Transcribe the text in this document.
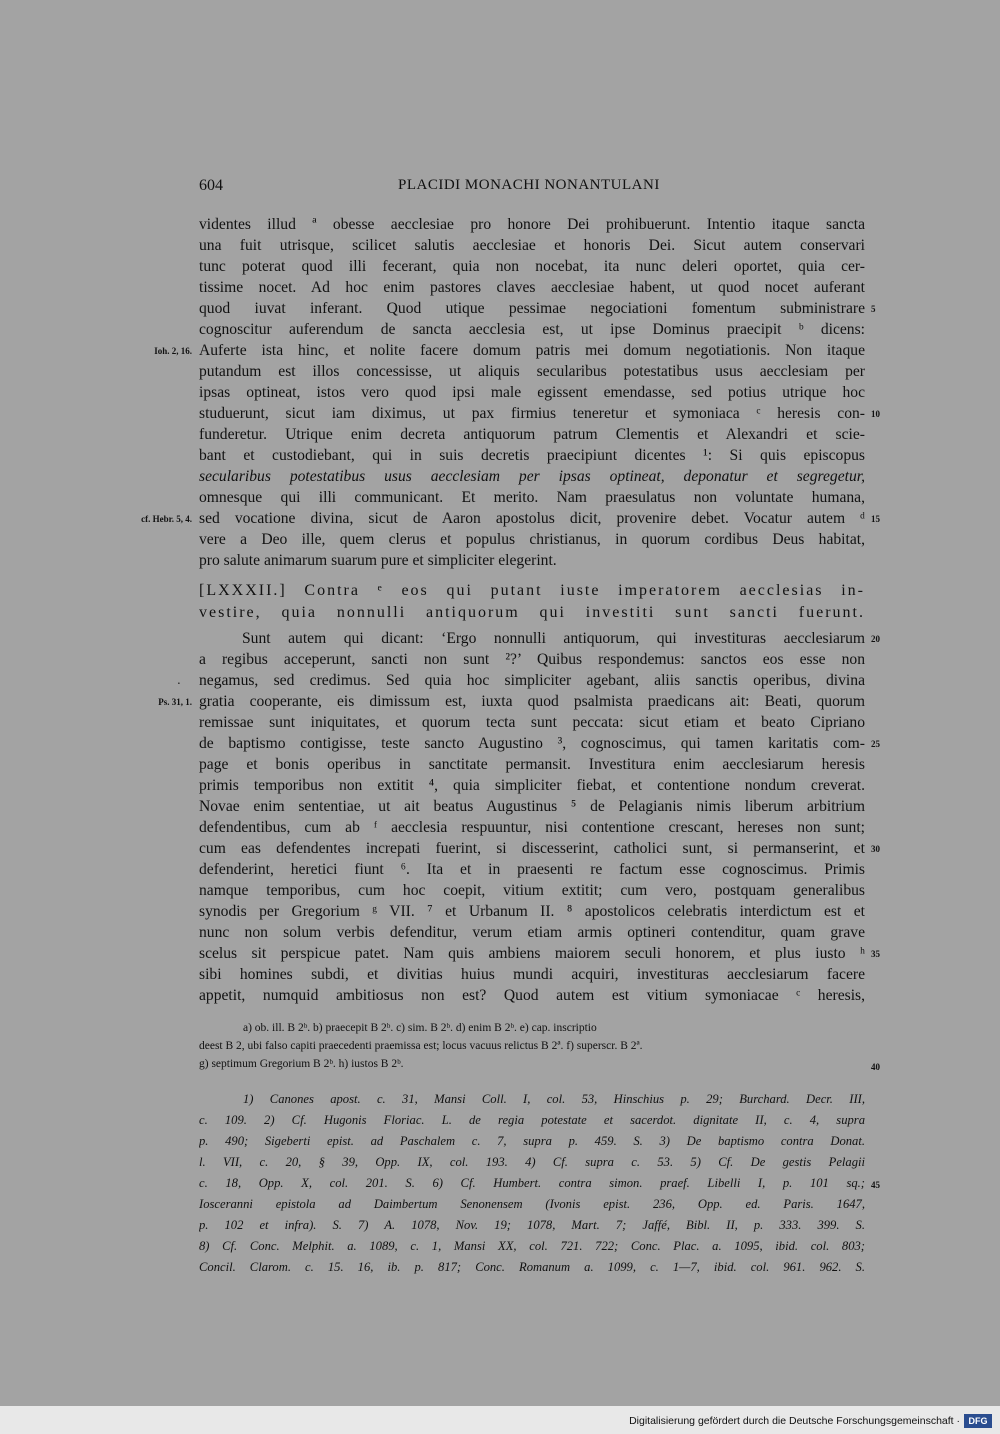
604	PLACIDI MONACHI NONANTULANI
videntes illud ª obesse aecclesiae pro honore Dei prohibuerunt. Intentio itaque sancta
una fuit utrisque, scilicet salutis aecclesiae et honoris Dei. Sicut autem conservari
tunc poterat quod illi fecerant, quia non nocebat, ita nunc deleri oportet, quia cer-
tissime nocet. Ad hoc enim pastores claves aecclesiae habent, ut quod nocet auferant
quod iuvat inferant. Quod utique pessimae negociationi fomentum subministrare
cognoscitur auferendum de sancta aecclesia est, ut ipse Dominus praecipit ᵇ dicens:
Auferte ista hinc, et nolite facere domum patris mei domum negotiationis. Non itaque
putandum est illos concessisse, ut aliquis secularibus potestatibus usus aecclesiam per
ipsas optineat, istos vero quod ipsi male egissent emendasse, sed potius utrique hoc
studuerunt, sicut iam diximus, ut pax firmius teneretur et symoniaca ᶜ heresis con-
funderetur. Utrique enim decreta antiquorum patrum Clementis et Alexandri et scie-
bant et custodiebant, qui in suis decretis praecipiunt dicentes ¹: Si quis episcopus
secularibus potestatibus usus aecclesiam per ipsas optineat, deponatur et segregetur,
omnesque qui illi communicant. Et merito. Nam praesulatus non voluntate humana,
sed vocatione divina, sicut de Aaron apostolus dicit, provenire debet. Vocatur autem ᵈ
vere a Deo ille, quem clerus et populus christianus, in quorum cordibus Deus habitat,
pro salute animarum suarum pure et simpliciter elegerint.
[LXXXII.] Contra ᵉ eos qui putant iuste imperatorem aecclesias in-
vestire, quia nonnulli antiquorum qui investiti sunt sancti fuerunt.
Sunt autem qui dicant: ‘Ergo nonnulli antiquorum, qui investituras aecclesiarum
a regibus acceperunt, sancti non sunt ²?’ Quibus respondemus: sanctos eos esse non
negamus, sed credimus. Sed quia hoc simpliciter agebant, aliis sanctis operibus, divina
gratia cooperante, eis dimissum est, iuxta quod psalmista praedicans ait: Beati, quorum
remissae sunt iniquitates, et quorum tecta sunt peccata: sicut etiam et beato Cipriano
de baptismo contigisse, teste sancto Augustino ³, cognoscimus, qui tamen karitatis com-
page et bonis operibus in sanctitate permansit. Investitura enim aecclesiarum heresis
primis temporibus non extitit ⁴, quia simpliciter fiebat, et contentione nondum creverat.
Novae enim sententiae, ut ait beatus Augustinus ⁵ de Pelagianis nimis liberum arbitrium
defendentibus, cum ab ᶠ aecclesia respuuntur, nisi contentione crescant, hereses non sunt;
cum eas defendentes increpati fuerint, si discesserint, catholici sunt, si permanserint, et
defenderint, heretici fiunt ⁶. Ita et in praesenti re factum esse cognoscimus. Primis
namque temporibus, cum hoc coepit, vitium extitit; cum vero, postquam generalibus
synodis per Gregorium ᵍ VII. ⁷ et Urbanum II. ⁸ apostolicos celebratis interdictum est et
nunc non solum verbis defenditur, verum etiam armis optineri contenditur, quam grave
scelus sit perspicue patet. Nam quis ambiens maiorem seculi honorem, et plus iusto ʰ
sibi homines subdi, et divitias huius mundi acquiri, investituras aecclesiarum facere
appetit, numquid ambitiosus non est? Quod autem est vitium symoniacae ᶜ heresis,
a) ob. ill. B 2ᵇ. b) praecepit B 2ᵇ. c) sim. B 2ᵇ. d) enim B 2ᵇ. e) cap. inscriptio
deest B 2, ubi falso capiti praecedenti praemissa est; locus vacuus relictus B 2ª. f) superscr. B 2ª.
g) septimum Gregorium B 2ᵇ. h) iustos B 2ᵇ.
1) Canones apost. c. 31, Mansi Coll. I, col. 53, Hinschius p. 29; Burchard. Decr. III,
c. 109. 2) Cf. Hugonis Floriac. L. de regia potestate et sacerdot. dignitate II, c. 4, supra
p. 490; Sigeberti epist. ad Paschalem c. 7, supra p. 459. S. 3) De baptismo contra Donat.
l. VII, c. 20, § 39, Opp. IX, col. 193. 4) Cf. supra c. 53. 5) Cf. De gestis Pelagii
c. 18, Opp. X, col. 201. S. 6) Cf. Humbert. contra simon. praef. Libelli I, p. 101 sq.;
Iosceranni epistola ad Daimbertum Senonensem (Ivonis epist. 236, Opp. ed. Paris. 1647,
p. 102 et infra). S. 7) A. 1078, Nov. 19; 1078, Mart. 7; Jaffé, Bibl. II, p. 333. 399. S.
8) Cf. Conc. Melphit. a. 1089, c. 1, Mansi XX, col. 721. 722; Conc. Plac. a. 1095, ibid. col. 803;
Concil. Clarom. c. 15. 16, ib. p. 817; Conc. Romanum a. 1099, c. 1—7, ibid. col. 961. 962. S.
5
10
15
20
25
30
35
40
45
Ioh. 2, 16.
cf. Hebr. 5, 4.
.
Ps. 31, 1.
Digitalisierung gefördert durch die Deutsche Forschungsgemeinschaft · DFG
